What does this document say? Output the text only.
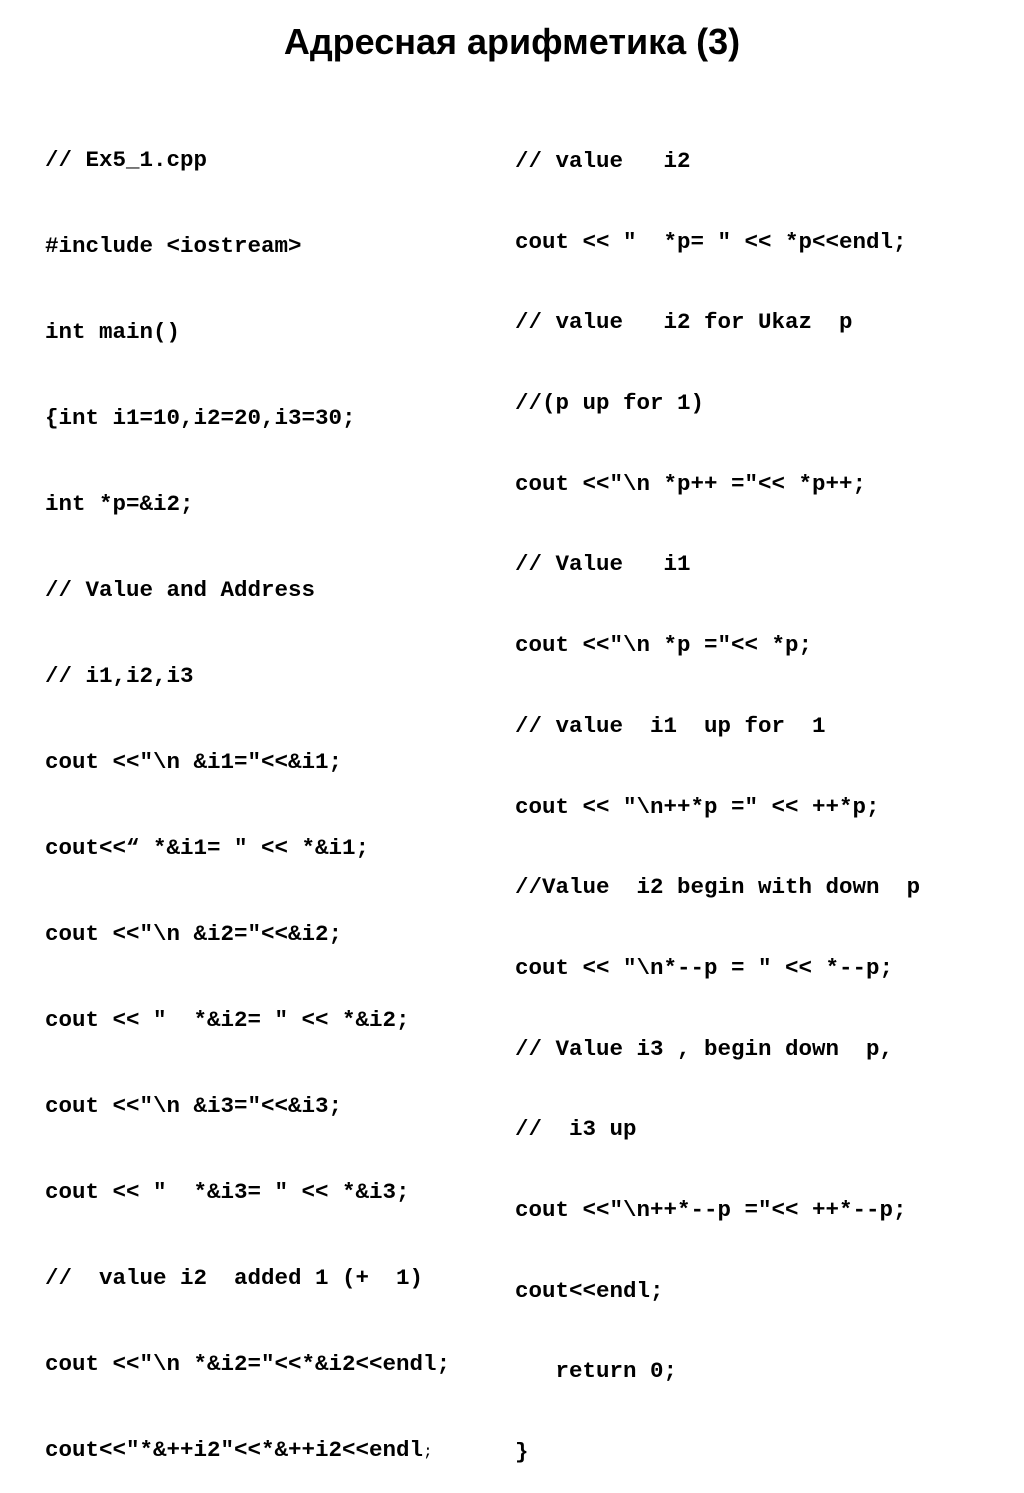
Адресная арифметика (3)

// Ex5_1.cpp

#include <iostream>

int main()

{int i1=10,i2=20,i3=30;

int *p=&i2;

// Value and Address

// i1,i2,i3

cout <<"\n &i1="<<&i1;

cout<<“ *&i1= " << *&i1;

cout <<"\n &i2="<<&i2;

cout << "  *&i2= " << *&i2;

cout <<"\n &i3="<<&i3;

cout << "  *&i3= " << *&i3;

//  value i2  added 1 (+  1)

cout <<"\n *&i2="<<*&i2<<endl;

cout<<"*&++i2"<<*&++i2<<endl;

// value   i2

cout << "  *p= " << *p<<endl;

// value   i2 for Ukaz  p

//(p up for 1)

cout <<"\n *p++ ="<< *p++;

// Value   i1

cout <<"\n *p ="<< *p;

// value  i1  up for  1

cout << "\n++*p =" << ++*p;

//Value  i2 begin with down  p

cout << "\n*--p = " << *--p;

// Value i3 , begin down  p,

//  i3 up

cout <<"\n++*--p ="<< ++*--p;

cout<<endl;

return 0;

}
